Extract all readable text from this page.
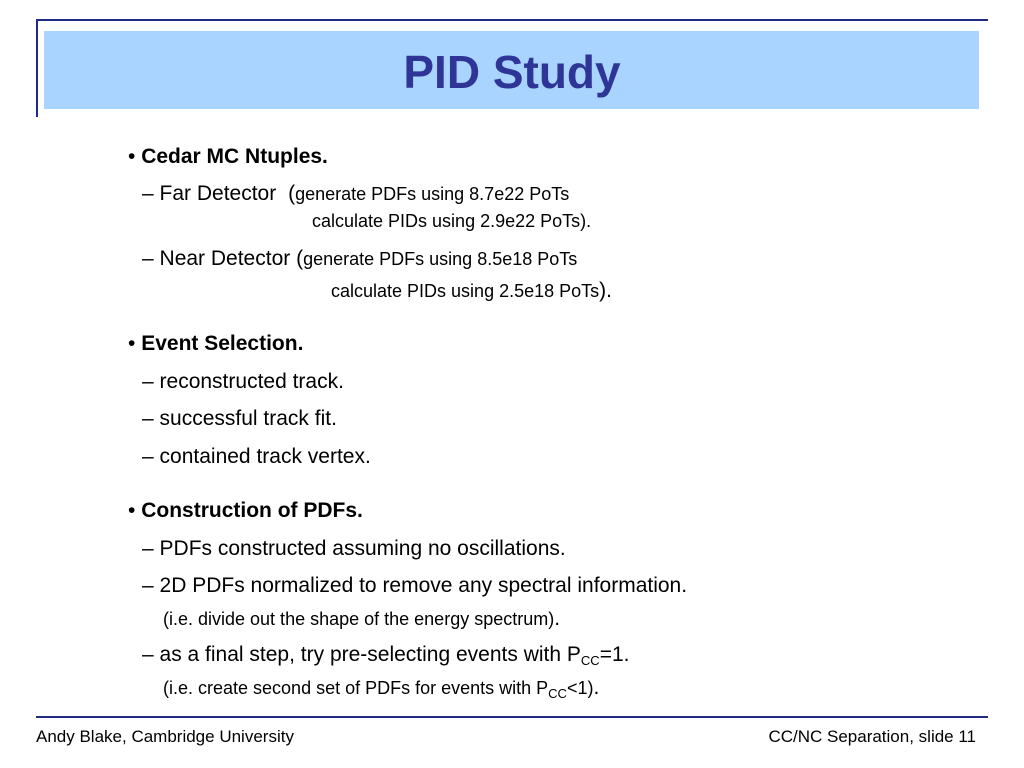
PID Study
• Cedar MC Ntuples.
– Far Detector (generate PDFs using 8.7e22 PoTs
calculate PIDs using 2.9e22 PoTs).
– Near Detector (generate PDFs using 8.5e18 PoTs
calculate PIDs using 2.5e18 PoTs).
• Event Selection.
– reconstructed track.
– successful track fit.
– contained track vertex.
• Construction of PDFs.
– PDFs constructed assuming no oscillations.
– 2D PDFs normalized to remove any spectral information.
(i.e. divide out the shape of the energy spectrum).
– as a final step, try pre-selecting events with PCC=1.
(i.e. create second set of PDFs for events with $P_{CC}<1$).
Andy Blake, Cambridge University	CC/NC Separation, slide 11
